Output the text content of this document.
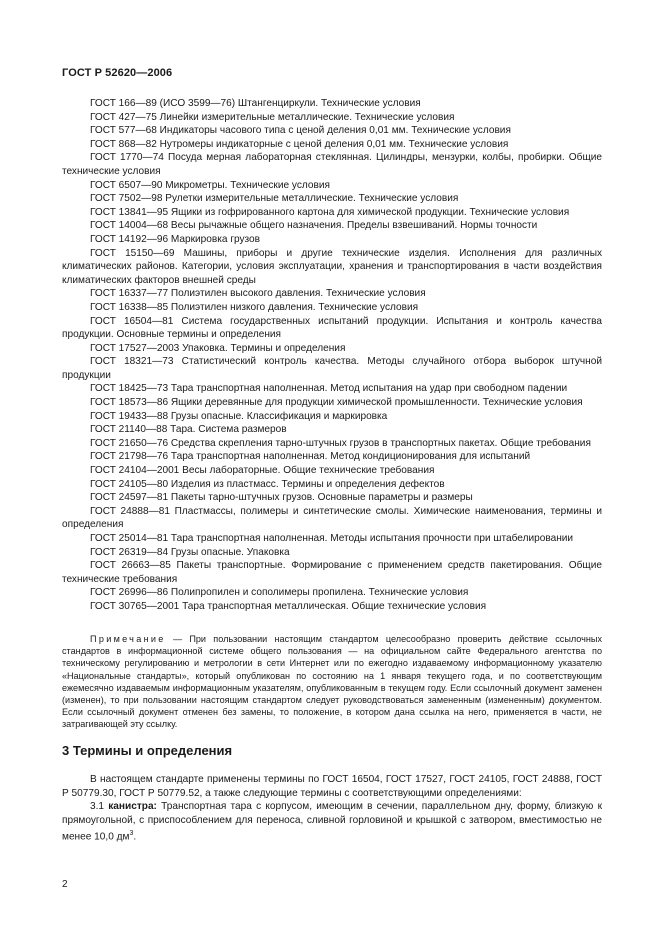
ГОСТ Р 52620—2006

ГОСТ 166—89 (ИСО 3599—76) Штангенциркули. Технические условия

ГОСТ 427—75 Линейки измерительные металлические. Технические условия

ГОСТ 577—68 Индикаторы часового типа с ценой деления 0,01 мм. Технические условия

ГОСТ 868—82 Нутромеры индикаторные с ценой деления 0,01 мм. Технические условия

ГОСТ 1770—74 Посуда мерная лабораторная стеклянная. Цилиндры, мензурки, колбы, пробирки. Общие технические условия

ГОСТ 6507—90 Микрометры. Технические условия

ГОСТ 7502—98 Рулетки измерительные металлические. Технические условия

ГОСТ 13841—95 Ящики из гофрированного картона для химической продукции. Технические условия

ГОСТ 14004—68 Весы рычажные общего назначения. Пределы взвешиваний. Нормы точности

ГОСТ 14192—96 Маркировка грузов

ГОСТ 15150—69 Машины, приборы и другие технические изделия. Исполнения для различных климатических районов. Категории, условия эксплуатации, хранения и транспортирования в части воздействия климатических факторов внешней среды

ГОСТ 16337—77 Полиэтилен высокого давления. Технические условия

ГОСТ 16338—85 Полиэтилен низкого давления. Технические условия

ГОСТ 16504—81 Система государственных испытаний продукции. Испытания и контроль качества продукции. Основные термины и определения

ГОСТ 17527—2003 Упаковка. Термины и определения

ГОСТ 18321—73 Статистический контроль качества. Методы случайного отбора выборок штучной продукции

ГОСТ 18425—73 Тара транспортная наполненная. Метод испытания на удар при свободном падении

ГОСТ 18573—86 Ящики деревянные для продукции химической промышленности. Технические условия

ГОСТ 19433—88 Грузы опасные. Классификация и маркировка

ГОСТ 21140—88 Тара. Система размеров

ГОСТ 21650—76 Средства скрепления тарно-штучных грузов в транспортных пакетах. Общие требования

ГОСТ 21798—76 Тара транспортная наполненная. Метод кондиционирования для испытаний

ГОСТ 24104—2001 Весы лабораторные. Общие технические требования

ГОСТ 24105—80 Изделия из пластмасс. Термины и определения дефектов

ГОСТ 24597—81 Пакеты тарно-штучных грузов. Основные параметры и размеры

ГОСТ 24888—81 Пластмассы, полимеры и синтетические смолы. Химические наименования, термины и определения

ГОСТ 25014—81 Тара транспортная наполненная. Методы испытания прочности при штабелировании

ГОСТ 26319—84 Грузы опасные. Упаковка

ГОСТ 26663—85 Пакеты транспортные. Формирование с применением средств пакетирования. Общие технические требования

ГОСТ 26996—86 Полипропилен и сополимеры пропилена. Технические условия

ГОСТ 30765—2001 Тара транспортная металлическая. Общие технические условия

Примечание — При пользовании настоящим стандартом целесообразно проверить действие ссылочных стандартов в информационной системе общего пользования — на официальном сайте Федерального агентства по техническому регулированию и метрологии в сети Интернет или по ежегодно издаваемому информационному указателю «Национальные стандарты», который опубликован по состоянию на 1 января текущего года, и по соответствующим ежемесячно издаваемым информационным указателям, опубликованным в текущем году. Если ссылочный документ заменен (изменен), то при пользовании настоящим стандартом следует руководствоваться замененным (измененным) документом. Если ссылочный документ отменен без замены, то положение, в котором дана ссылка на него, применяется в части, не затрагивающей эту ссылку.

3 Термины и определения

В настоящем стандарте применены термины по ГОСТ 16504, ГОСТ 17527, ГОСТ 24105, ГОСТ 24888, ГОСТ Р 50779.30, ГОСТ Р 50779.52, а также следующие термины с соответствующими определениями:

3.1 канистра: Транспортная тара с корпусом, имеющим в сечении, параллельном дну, форму, близкую к прямоугольной, с приспособлением для переноса, сливной горловиной и крышкой с затвором, вместимостью не менее 10,0 $дм^3$.

2
